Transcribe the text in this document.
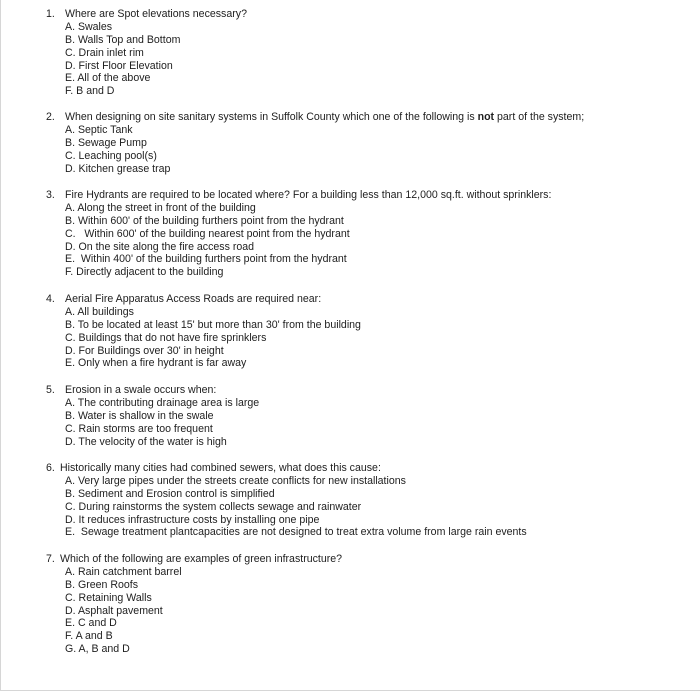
1. Where are Spot elevations necessary?
A. Swales
B. Walls Top and Bottom
C. Drain inlet rim
D. First Floor Elevation
E. All of the above
F. B and D
2. When designing on site sanitary systems in Suffolk County which one of the following is not part of the system;
A. Septic Tank
B. Sewage Pump
C. Leaching pool(s)
D. Kitchen grease trap
3. Fire Hydrants are required to be located where? For a building less than 12,000 sq.ft. without sprinklers:
A. Along the street in front of the building
B. Within 600' of the building furthers point from the hydrant
C.   Within 600' of the building nearest point from the hydrant
D. On the site along the fire access road
E.  Within 400' of the building furthers point from the hydrant
F. Directly adjacent to the building
4. Aerial Fire Apparatus Access Roads are required near:
A. All buildings
B. To be located at least 15' but more than 30' from the building
C. Buildings that do not have fire sprinklers
D. For Buildings over 30' in height
E. Only when a fire hydrant is far away
5. Erosion in a swale occurs when:
A. The contributing drainage area is large
B. Water is shallow in the swale
C. Rain storms are too frequent
D. The velocity of the water is high
6. Historically many cities had combined sewers, what does this cause:
A. Very large pipes under the streets create conflicts for new installations
B. Sediment and Erosion control is simplified
C. During rainstorms the system collects sewage and rainwater
D. It reduces infrastructure costs by installing one pipe
E.  Sewage treatment plantcapacities are not designed to treat extra volume from large rain events
7. Which of the following are examples of green infrastructure?
A. Rain catchment barrel
B. Green Roofs
C. Retaining Walls
D. Asphalt pavement
E. C and D
F. A and B
G. A, B and D
